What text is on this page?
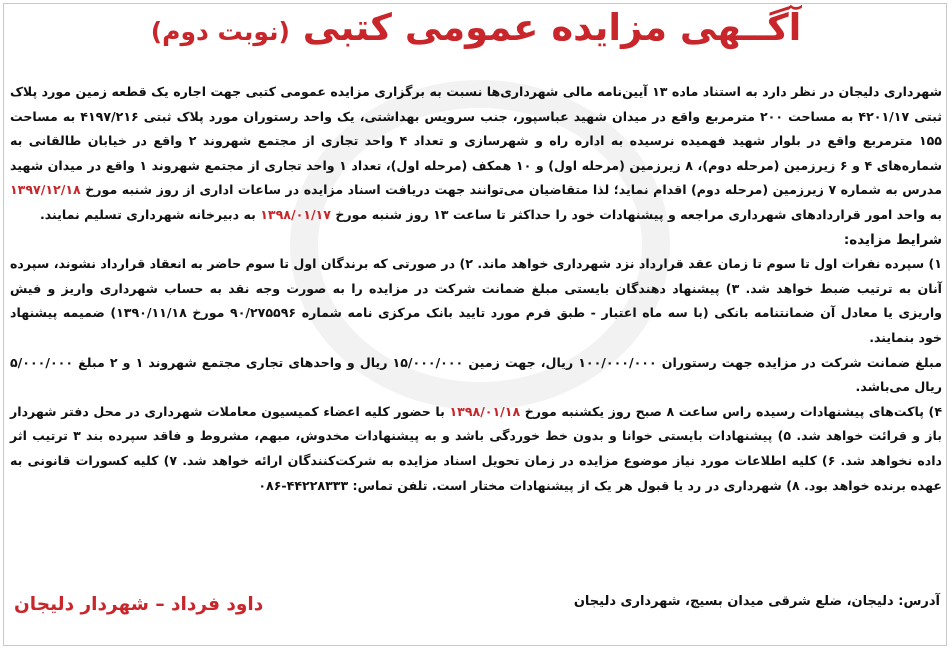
آگــهی مزایده عمومی کتبی (نوبت دوم)

شهرداری دلیجان در نظر دارد به استناد ماده ۱۳ آیین‌نامه مالی شهرداری‌ها نسبت به برگزاری مزایده عمومی کتبی جهت اجاره یک قطعه زمین مورد پلاک ثبتی ۴۲۰۱/۱۷ به مساحت ۲۰۰ مترمربع واقع در میدان شهید عباسپور، جنب سرویس بهداشتی، یک واحد رستوران مورد پلاک ثبتی ۴۱۹۷/۲۱۶ به مساحت ۱۵۵ مترمربع واقع در بلوار شهید فهمیده نرسیده به اداره راه و شهرسازی و تعداد ۴ واحد تجاری از مجتمع شهروند ۲ واقع در خیابان طالقانی به شماره‌های ۴ و ۶ زیرزمین (مرحله دوم)، ۸ زیرزمین (مرحله اول) و ۱۰ همکف (مرحله اول)، تعداد ۱ واحد تجاری از مجتمع شهروند ۱ واقع در میدان شهید مدرس به شماره ۷ زیرزمین (مرحله دوم) اقدام نماید؛ لذا متقاضیان می‌توانند جهت دریافت اسناد مزایده در ساعات اداری از روز شنبه مورخ ۱۳۹۷/۱۲/۱۸ به واحد امور قراردادهای شهرداری مراجعه و پیشنهادات خود را حداکثر تا ساعت ۱۳ روز شنبه مورخ ۱۳۹۸/۰۱/۱۷ به دبیرخانه شهرداری تسلیم نمایند.

شرایط مزایده:

۱) سپرده نفرات اول تا سوم تا زمان عقد قرارداد نزد شهرداری خواهد ماند. ۲) در صورتی که برندگان اول تا سوم حاضر به انعقاد قرارداد نشوند، سپرده آنان به ترتیب ضبط خواهد شد. ۳) پیشنهاد دهندگان بایستی مبلغ ضمانت شرکت در مزایده را به صورت وجه نقد به حساب شهرداری واریز و فیش واریزی یا معادل آن ضمانتنامه بانکی (با سه ماه اعتبار - طبق فرم مورد تایید بانک مرکزی نامه شماره ۹۰/۲۷۵۵۹۶ مورخ ۱۳۹۰/۱۱/۱۸) ضمیمه پیشنهاد خود بنمایند.

مبلغ ضمانت شرکت در مزایده جهت رستوران ۱۰۰/۰۰۰/۰۰۰ ریال، جهت زمین ۱۵/۰۰۰/۰۰۰ ریال و واحدهای تجاری مجتمع شهروند ۱ و ۲ مبلغ ۵/۰۰۰/۰۰۰ ریال می‌باشد.

۴) پاکت‌های پیشنهادات رسیده راس ساعت ۸ صبح روز یکشنبه مورخ ۱۳۹۸/۰۱/۱۸ با حضور کلیه اعضاء کمیسیون معاملات شهرداری در محل دفتر شهردار باز و قرائت خواهد شد. ۵) پیشنهادات بایستی خوانا و بدون خط خوردگی باشد و به پیشنهادات مخدوش، مبهم، مشروط و فاقد سپرده بند ۳ ترتیب اثر داده نخواهد شد. ۶) کلیه اطلاعات مورد نیاز موضوع مزایده در زمان تحویل اسناد مزایده به شرکت‌کنندگان ارائه خواهد شد. ۷) کلیه کسورات قانونی به عهده برنده خواهد بود. ۸) شهرداری در رد یا قبول هر یک از پیشنهادات مختار است. تلفن تماس: ۴۴۲۲۸۳۳۳-۰۸۶

داود فرداد – شهردار دلیجان	آدرس: دلیجان، ضلع شرقی میدان بسیج، شهرداری دلیجان
